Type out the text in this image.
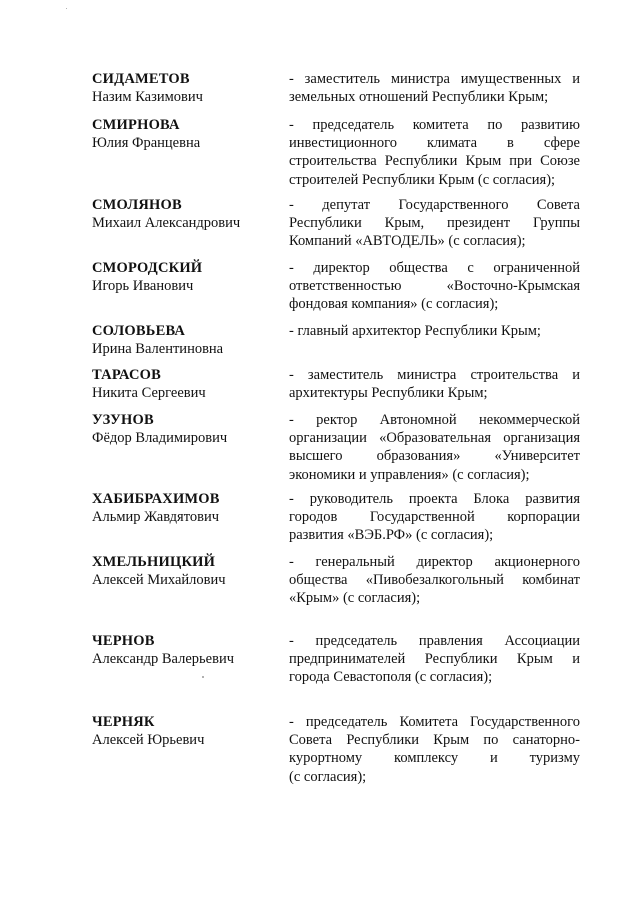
СИДАМЕТОВ
Назим Казимович
- заместитель министра имущественных и
земельных отношений Республики Крым;
СМИРНОВА
Юлия Францевна
- председатель комитета по развитию
инвестиционного климата в сфере
строительства Республики Крым при Союзе
строителей Республики Крым (с согласия);
СМОЛЯНОВ
Михаил Александрович
- депутат Государственного Совета
Республики Крым, президент Группы
Компаний «АВТОДЕЛЬ» (с согласия);
СМОРОДСКИЙ
Игорь Иванович
- директор общества с ограниченной
ответственностью «Восточно-Крымская
фондовая компания» (с согласия);
СОЛОВЬЕВА
Ирина Валентиновна
- главный архитектор Республики Крым;
ТАРАСОВ
Никита Сергеевич
- заместитель министра строительства и
архитектуры Республики Крым;
УЗУНОВ
Фёдор Владимирович
- ректор Автономной некоммерческой
организации «Образовательная организация
высшего образования» «Университет
экономики и управления» (с согласия);
ХАБИБРАХИМОВ
Альмир Жавдятович
- руководитель проекта Блока развития
городов Государственной корпорации
развития «ВЭБ.РФ» (с согласия);
ХМЕЛЬНИЦКИЙ
Алексей Михайлович
- генеральный директор акционерного
общества «Пивобезалкогольный комбинат
«Крым» (с согласия);
ЧЕРНОВ
Александр Валерьевич
- председатель правления Ассоциации
предпринимателей Республики Крым и
города Севастополя (с согласия);
ЧЕРНЯК
Алексей Юрьевич
- председатель Комитета Государственного
Совета Республики Крым по санаторно-
курортному комплексу и туризму
(с согласия);
